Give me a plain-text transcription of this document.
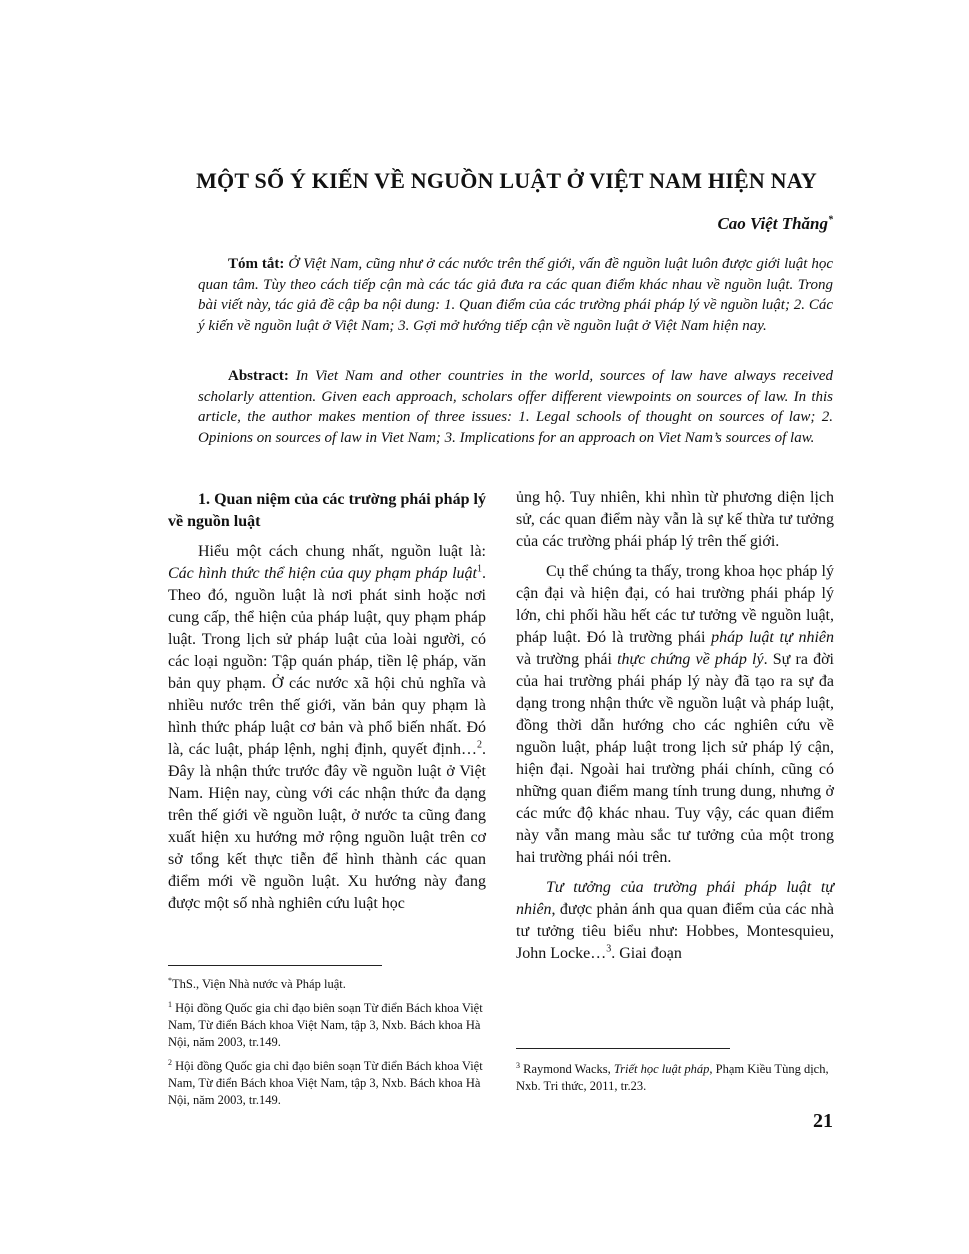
MỘT SỐ Ý KIẾN VỀ NGUỒN LUẬT Ở VIỆT NAM HIỆN NAY
Cao Việt Thăng*

Tóm tắt: Ở Việt Nam, cũng như ở các nước trên thế giới, vấn đề nguồn luật luôn được giới luật học quan tâm. Tùy theo cách tiếp cận mà các tác giả đưa ra các quan điểm khác nhau về nguồn luật. Trong bài viết này, tác giả đề cập ba nội dung: 1. Quan điểm của các trường phái pháp lý về nguồn luật; 2. Các ý kiến về nguồn luật ở Việt Nam; 3. Gợi mở hướng tiếp cận về nguồn luật ở Việt Nam hiện nay.

Abstract: In Viet Nam and other countries in the world, sources of law have always received scholarly attention. Given each approach, scholars offer different viewpoints on sources of law. In this article, the author makes mention of three issues: 1. Legal schools of thought on sources of law; 2. Opinions on sources of law in Viet Nam; 3. Implications for an approach on Viet Nam’s sources of law.

1. Quan niệm của các trường phái pháp lý về nguồn luật

Hiểu một cách chung nhất, nguồn luật là: Các hình thức thể hiện của quy phạm pháp luật$^1$. Theo đó, nguồn luật là nơi phát sinh hoặc nơi cung cấp, thể hiện của pháp luật, quy phạm pháp luật. Trong lịch sử pháp luật của loài người, có các loại nguồn: Tập quán pháp, tiền lệ pháp, văn bản quy phạm. Ở các nước xã hội chủ nghĩa và nhiều nước trên thế giới, văn bản quy phạm là hình thức pháp luật cơ bản và phổ biến nhất. Đó là, các luật, pháp lệnh, nghị định, quyết định…$^2$. Đây là nhận thức trước đây về nguồn luật ở Việt Nam. Hiện nay, cùng với các nhận thức đa dạng trên thế giới về nguồn luật, ở nước ta cũng đang xuất hiện xu hướng mở rộng nguồn luật trên cơ sở tổng kết thực tiễn để hình thành các quan điểm mới về nguồn luật. Xu hướng này đang được một số nhà nghiên cứu luật học

ủng hộ. Tuy nhiên, khi nhìn từ phương diện lịch sử, các quan điểm này vẫn là sự kế thừa tư tưởng của các trường phái pháp lý trên thế giới.

Cụ thể chúng ta thấy, trong khoa học pháp lý cận đại và hiện đại, có hai trường phái pháp lý lớn, chi phối hầu hết các tư tưởng về nguồn luật, pháp luật. Đó là trường phái pháp luật tự nhiên và trường phái thực chứng về pháp lý. Sự ra đời của hai trường phái pháp lý này đã tạo ra sự đa dạng trong nhận thức về nguồn luật và pháp luật, đồng thời dẫn hướng cho các nghiên cứu về nguồn luật, pháp luật trong lịch sử pháp lý cận, hiện đại. Ngoài hai trường phái chính, cũng có những quan điểm mang tính trung dung, nhưng ở các mức độ khác nhau. Tuy vậy, các quan điểm này vẫn mang màu sắc tư tưởng của một trong hai trường phái nói trên.

Tư tưởng của trường phái pháp luật tự nhiên, được phản ánh qua quan điểm của các nhà tư tưởng tiêu biểu như: Hobbes, Montesquieu, John Locke…$^3$. Giai đoạn

*ThS., Viện Nhà nước và Pháp luật.

$^1$ Hội đồng Quốc gia chỉ đạo biên soạn Từ điển Bách khoa Việt Nam, Từ điển Bách khoa Việt Nam, tập 3, Nxb. Bách khoa Hà Nội, năm 2003, tr.149.

$^2$ Hội đồng Quốc gia chỉ đạo biên soạn Từ điển Bách khoa Việt Nam, Từ điển Bách khoa Việt Nam, tập 3, Nxb. Bách khoa Hà Nội, năm 2003, tr.149.

$^3$ Raymond Wacks, Triết học luật pháp, Phạm Kiều Tùng dịch, Nxb. Tri thức, 2011, tr.23.

21
